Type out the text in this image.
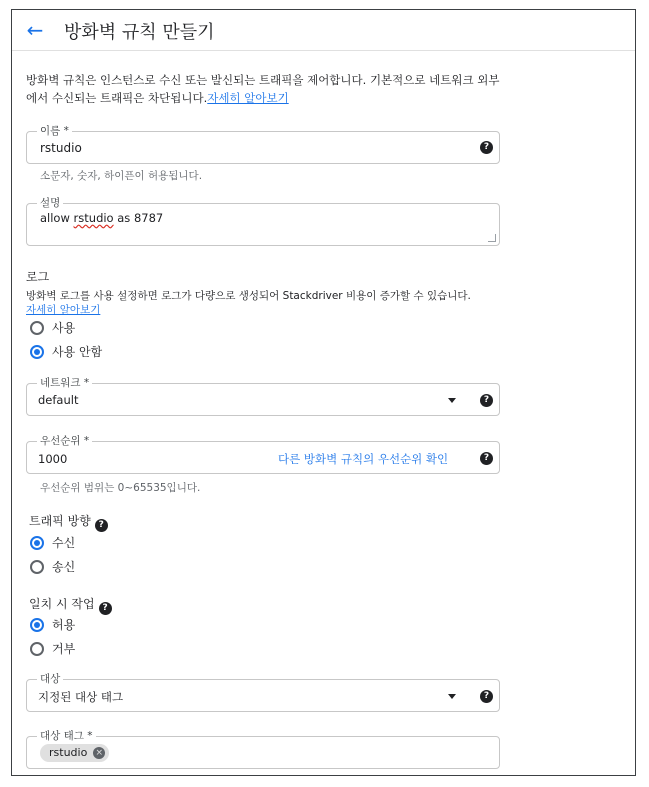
← 방화벽 규칙 만들기
방화벽 규칙은 인스턴스로 수신 또는 발신되는 트래픽을 제어합니다. 기본적으로 네트워크 외부에서 수신되는 트래픽은 차단됩니다.자세히 알아보기
이름 *
rstudio	?
소문자, 숫자, 하이픈이 허용됩니다.
설명
allow rstudio as 8787
로그
방화벽 로그를 사용 설정하면 로그가 다량으로 생성되어 Stackdriver 비용이 증가할 수 있습니다.
자세히 알아보기
사용
사용 안함
네트워크 *
default	?
우선순위 *
1000	다른 방화벽 규칙의 우선순위 확인	?
우선순위 범위는 0~65535입니다.
트래픽 방향 ?
수신
송신
일치 시 작업 ?
허용
거부
대상
지정된 대상 태그	?
대상 태그 *
rstudio ×
